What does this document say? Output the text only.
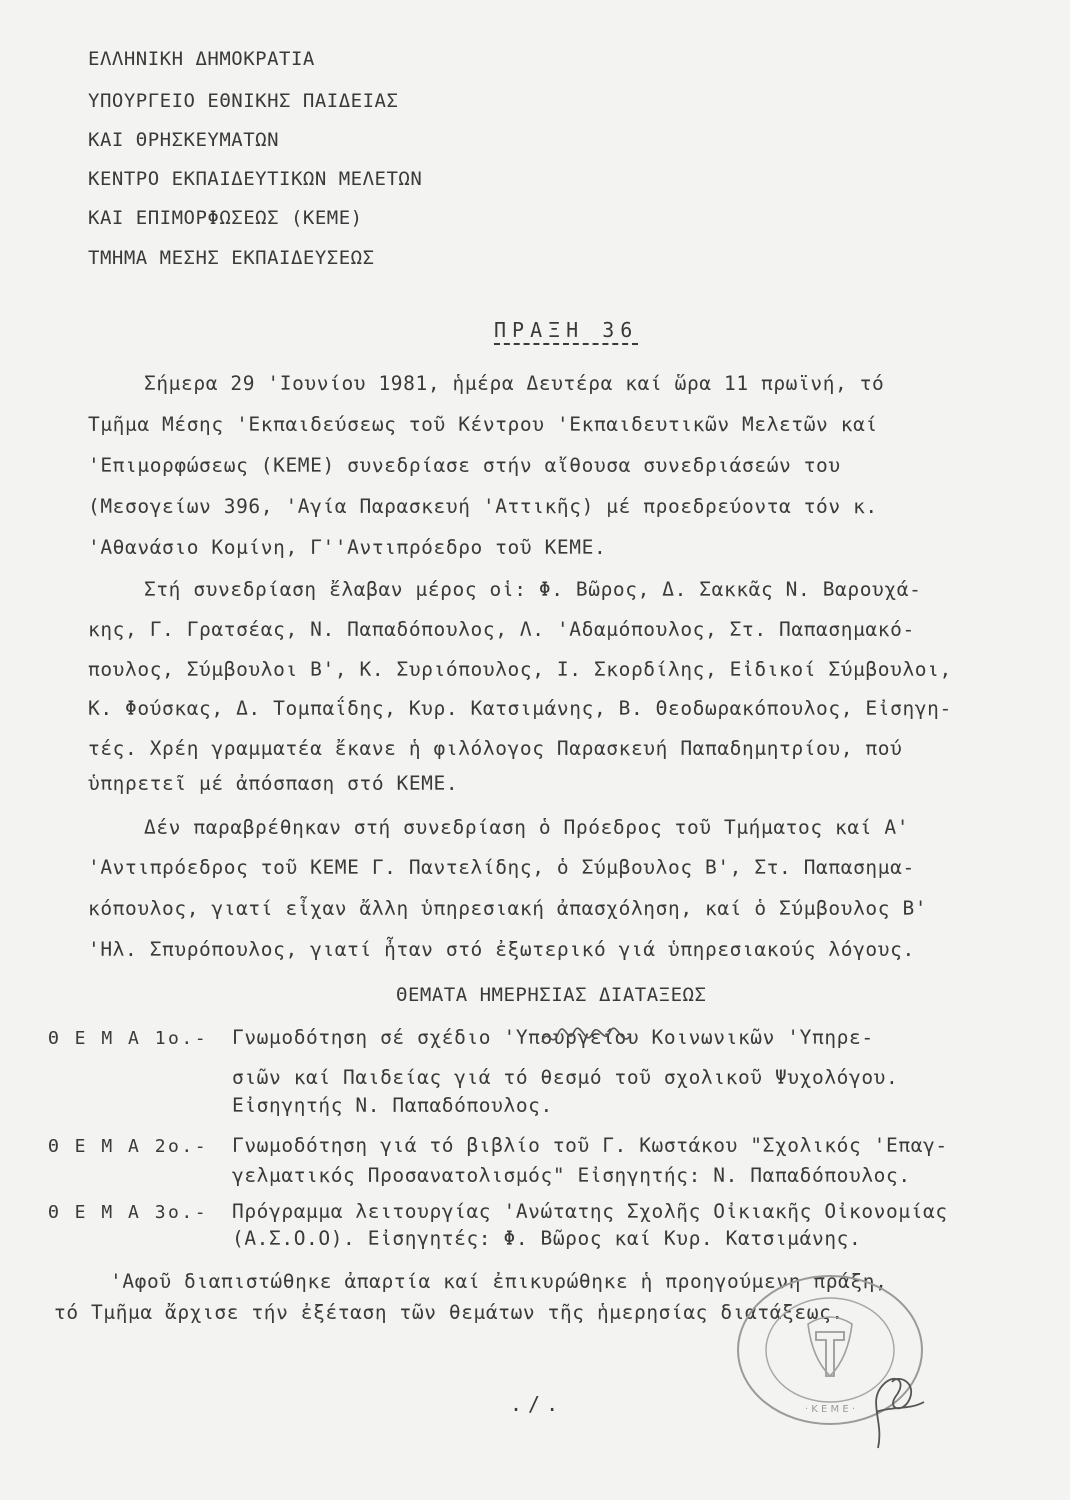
ΕΛΛΗΝΙΚΗ ΔΗΜΟΚΡΑΤΙΑ
ΥΠΟΥΡΓΕΙΟ ΕΘΝΙΚΗΣ ΠΑΙΔΕΙΑΣ
ΚΑΙ ΘΡΗΣΚΕΥΜΑΤΩΝ
ΚΕΝΤΡΟ ΕΚΠΑΙΔΕΥΤΙΚΩΝ ΜΕΛΕΤΩΝ
ΚΑΙ ΕΠΙΜΟΡΦΩΣΕΩΣ (ΚΕΜΕ)
ΤΜΗΜΑ ΜΕΣΗΣ ΕΚΠΑΙΔΕΥΣΕΩΣ
ΠΡΑΞΗ 36
Σήμερα 29 'Ιουνίου 1981, ἡμέρα Δευτέρα καί ὥρα 11 πρωϊνή, τό
Τμῆμα Μέσης 'Εκπαιδεύσεως τοῦ Κέντρου 'Εκπαιδευτικῶν Μελετῶν καί
'Επιμορφώσεως (ΚΕΜΕ) συνεδρίασε στήν αἴθουσα συνεδριάσεών του
(Μεσογείων 396, 'Αγία Παρασκευή 'Αττικῆς) μέ προεδρεύοντα τόν κ.
'Αθανάσιο Κομίνη, Γ''Αντιπρόεδρο τοῦ ΚΕΜΕ.
Στή συνεδρίαση ἔλαβαν μέρος οἱ: Φ. Βῶρος, Δ. Σακκᾶς Ν. Βαρουχά-
κης, Γ. Γρατσέας, Ν. Παπαδόπουλος, Λ. 'Αδαμόπουλος, Στ. Παπασημακό-
πουλος, Σύμβουλοι Β', Κ. Συριόπουλος, Ι. Σκορδίλης, Εἰδικοί Σύμβουλοι,
Κ. Φούσκας, Δ. Τομπαΐδης, Κυρ. Κατσιμάνης, Β. Θεοδωρακόπουλος, Εἰσηγη-
τές. Χρέη γραμματέα ἔκανε ἡ φιλόλογος Παρασκευή Παπαδημητρίου, πού
ὑπηρετεῖ μέ ἀπόσπαση στό ΚΕΜΕ.
Δέν παραβρέθηκαν στή συνεδρίαση ὁ Πρόεδρος τοῦ Τμήματος καί Α'
'Αντιπρόεδρος τοῦ ΚΕΜΕ Γ. Παντελίδης, ὁ Σύμβουλος Β', Στ. Παπασημα-
κόπουλος, γιατί εἶχαν ἄλλη ὑπηρεσιακή ἀπασχόληση, καί ὁ Σύμβουλος Β'
'Ηλ. Σπυρόπουλος, γιατί ἦταν στό ἐξωτερικό γιά ὑπηρεσιακούς λόγους.
ΘΕΜΑΤΑ ΗΜΕΡΗΣΙΑΣ ΔΙΑΤΑΞΕΩΣ
Θ Ε Μ Α 1ο.- Γνωμοδότηση σέ σχέδιο 'Υπουργείου Κοινωνικῶν 'Υπηρε-
σιῶν καί Παιδείας γιά τό θεσμό τοῦ σχολικοῦ Ψυχολόγου.
Εἰσηγητής Ν. Παπαδόπουλος.
Θ Ε Μ Α 2ο.- Γνωμοδότηση γιά τό βιβλίο τοῦ Γ. Κωστάκου "Σχολικός 'Επαγ-
γελματικός Προσανατολισμός" Εἰσηγητής: Ν. Παπαδόπουλος.
Θ Ε Μ Α 3ο.- Πρόγραμμα λειτουργίας 'Ανώτατης Σχολῆς Οἰκιακῆς Οἰκονομίας
(Α.Σ.Ο.Ο). Εἰσηγητές: Φ. Βῶρος καί Κυρ. Κατσιμάνης.
'Αφοῦ διαπιστώθηκε ἀπαρτία καί ἐπικυρώθηκε ἡ προηγούμενη πράξη,
τό Τμῆμα ἄρχισε τήν ἐξέταση τῶν θεμάτων τῆς ἡμερησίας διατάξεως.
./.	· Κ Ε Μ Ε ·
